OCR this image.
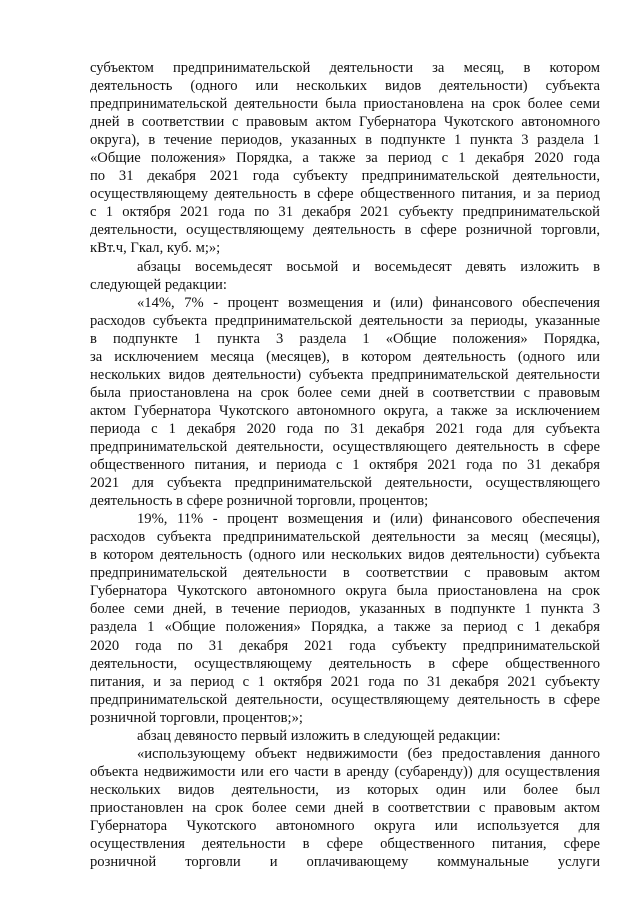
субъектом предпринимательской деятельности за месяц, в котором
деятельность (одного или нескольких видов деятельности) субъекта
предпринимательской деятельности была приостановлена на срок более семи
дней в соответствии с правовым актом Губернатора Чукотского автономного
округа), в течение периодов, указанных в подпункте 1 пункта 3 раздела 1
«Общие положения» Порядка, а также за период с 1 декабря 2020 года
по 31 декабря 2021 года субъекту предпринимательской деятельности,
осуществляющему деятельность в сфере общественного питания, и за период
с 1 октября 2021 года по 31 декабря 2021 субъекту предпринимательской
деятельности, осуществляющему деятельность в сфере розничной торговли,
кВт.ч, Гкал, куб. м;»;
абзацы восемьдесят восьмой и восемьдесят девять изложить в
следующей редакции:
«14%, 7% - процент возмещения и (или) финансового обеспечения
расходов субъекта предпринимательской деятельности за периоды, указанные
в подпункте 1 пункта 3 раздела 1 «Общие положения» Порядка,
за исключением месяца (месяцев), в котором деятельность (одного или
нескольких видов деятельности) субъекта предпринимательской деятельности
была приостановлена на срок более семи дней в соответствии с правовым
актом Губернатора Чукотского автономного округа, а также за исключением
периода с 1 декабря 2020 года по 31 декабря 2021 года для субъекта
предпринимательской деятельности, осуществляющего деятельность в сфере
общественного питания, и периода с 1 октября 2021 года по 31 декабря
2021 для субъекта предпринимательской деятельности, осуществляющего
деятельность в сфере розничной торговли, процентов;
19%, 11% - процент возмещения и (или) финансового обеспечения
расходов субъекта предпринимательской деятельности за месяц (месяцы),
в котором деятельность (одного или нескольких видов деятельности) субъекта
предпринимательской деятельности в соответствии с правовым актом
Губернатора Чукотского автономного округа была приостановлена на срок
более семи дней, в течение периодов, указанных в подпункте 1 пункта 3
раздела 1 «Общие положения» Порядка, а также за период с 1 декабря
2020 года по 31 декабря 2021 года субъекту предпринимательской
деятельности, осуществляющему деятельность в сфере общественного
питания, и за период с 1 октября 2021 года по 31 декабря 2021 субъекту
предпринимательской деятельности, осуществляющему деятельность в сфере
розничной торговли, процентов;»;
абзац девяносто первый изложить в следующей редакции:
«использующему объект недвижимости (без предоставления данного
объекта недвижимости или его части в аренду (субаренду)) для осуществления
нескольких видов деятельности, из которых один или более был
приостановлен на срок более семи дней в соответствии с правовым актом
Губернатора Чукотского автономного округа или используется для
осуществления деятельности в сфере общественного питания, сфере
розничной торговли и оплачивающему коммунальные услуги
